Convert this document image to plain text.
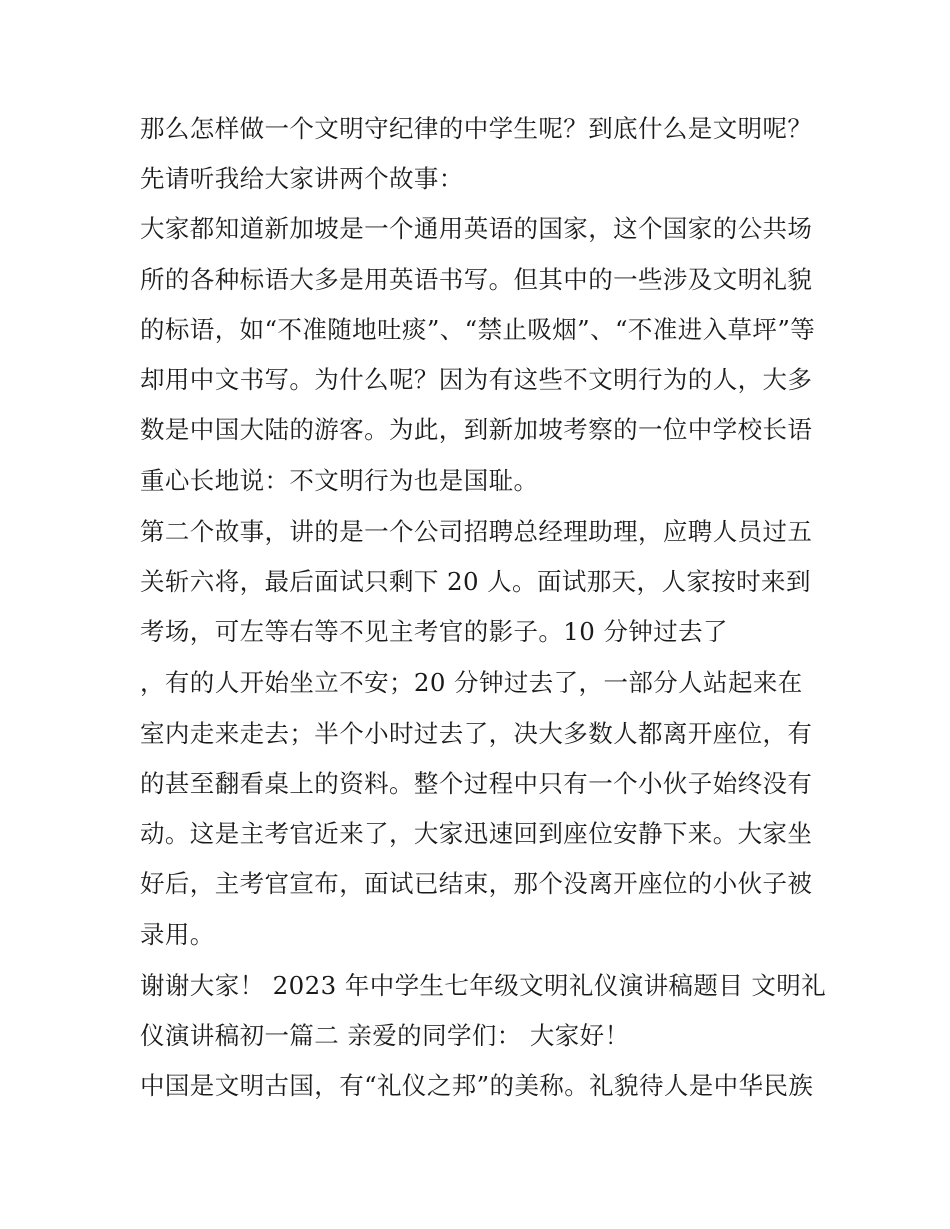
那么怎样做一个文明守纪律的中学生呢？到底什么是文明呢？
先请听我给大家讲两个故事：
大家都知道新加坡是一个通用英语的国家，这个国家的公共场
所的各种标语大多是用英语书写。但其中的一些涉及文明礼貌
的标语，如“不准随地吐痰”、“禁止吸烟”、“不准进入草坪”等
却用中文书写。为什么呢？因为有这些不文明行为的人，大多
数是中国大陆的游客。为此，到新加坡考察的一位中学校长语
重心长地说：不文明行为也是国耻。
第二个故事，讲的是一个公司招聘总经理助理，应聘人员过五
关斩六将，最后面试只剩下 20 人。面试那天，人家按时来到
考场，可左等右等不见主考官的影子。10 分钟过去了
，有的人开始坐立不安；20 分钟过去了，一部分人站起来在
室内走来走去；半个小时过去了，决大多数人都离开座位，有
的甚至翻看桌上的资料。整个过程中只有一个小伙子始终没有
动。这是主考官近来了，大家迅速回到座位安静下来。大家坐
好后，主考官宣布，面试已结束，那个没离开座位的小伙子被
录用。
谢谢大家！ 2023 年中学生七年级文明礼仪演讲稿题目 文明礼
仪演讲稿初一篇二 亲爱的同学们： 大家好！
中国是文明古国，有“礼仪之邦”的美称。礼貌待人是中华民族
